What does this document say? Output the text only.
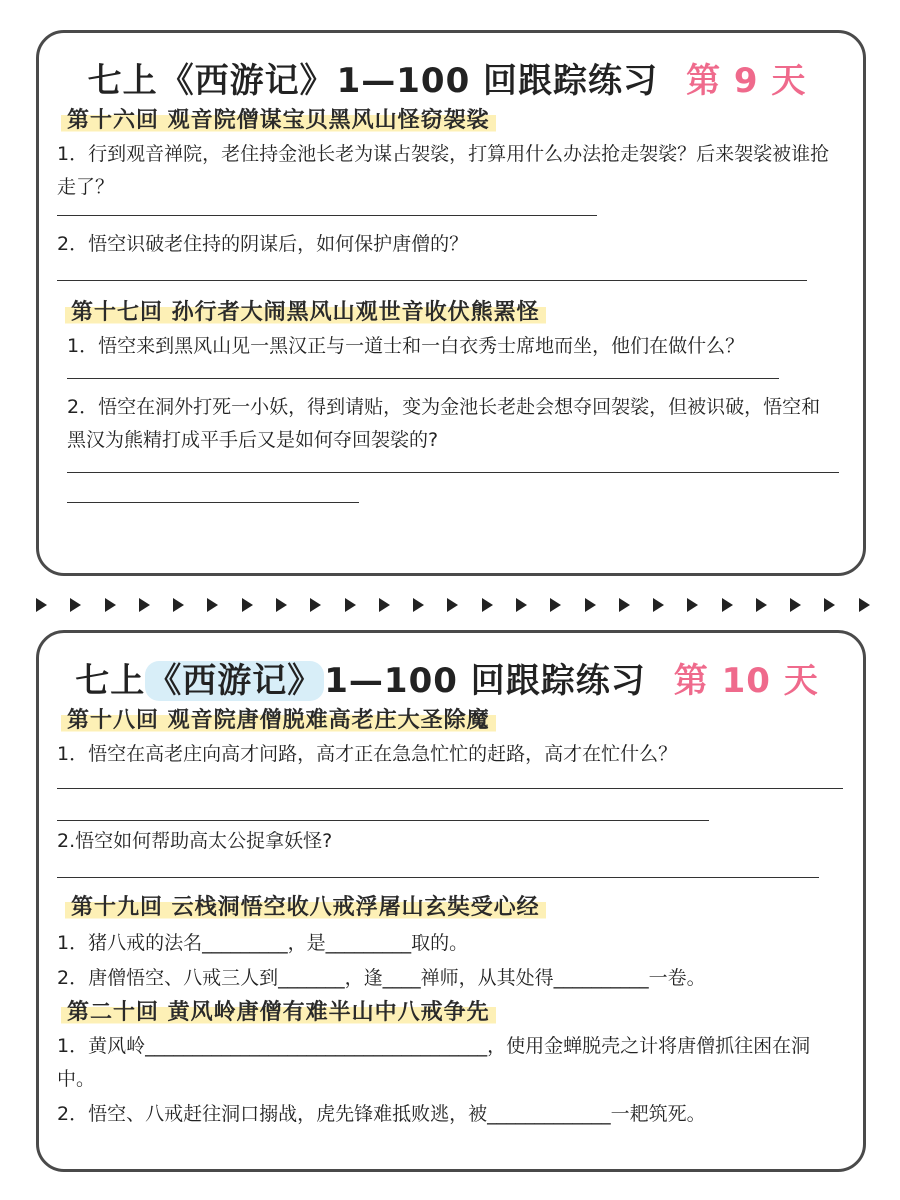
七上《西游记》1—100 回跟踪练习 第 9 天
第十六回 观音院僧谋宝贝黑风山怪窃袈裟
1．行到观音禅院，老住持金池长老为谋占袈裟，打算用什么办法抢走袈裟？后来袈裟被谁抢走了？
2．悟空识破老住持的阴谋后，如何保护唐僧的？
第十七回 孙行者大闹黑风山观世音收伏熊罴怪
1．悟空来到黑风山见一黑汉正与一道士和一白衣秀士席地而坐，他们在做什么？
2．悟空在洞外打死一小妖，得到请贴，变为金池长老赴会想夺回袈裟，但被识破，悟空和黑汉为熊精打成平手后又是如何夺回袈裟的?
七上《西游记》1—100 回跟踪练习 第 10 天
第十八回 观音院唐僧脱难高老庄大圣除魔
1．悟空在高老庄向高才问路，高才正在急急忙忙的赶路，高才在忙什么？
2.悟空如何帮助高太公捉拿妖怪?
第十九回 云栈洞悟空收八戒浮屠山玄奘受心经
1．猪八戒的法名_________，是_________取的。
2．唐僧悟空、八戒三人到_______，逢____禅师，从其处得__________一卷。
第二十回 黄风岭唐僧有难半山中八戒争先
1．黄风岭____________________________________，使用金蝉脱壳之计将唐僧抓往困在洞中。
2．悟空、八戒赶往洞口搦战，虎先锋难抵败逃，被_____________一耙筑死。
